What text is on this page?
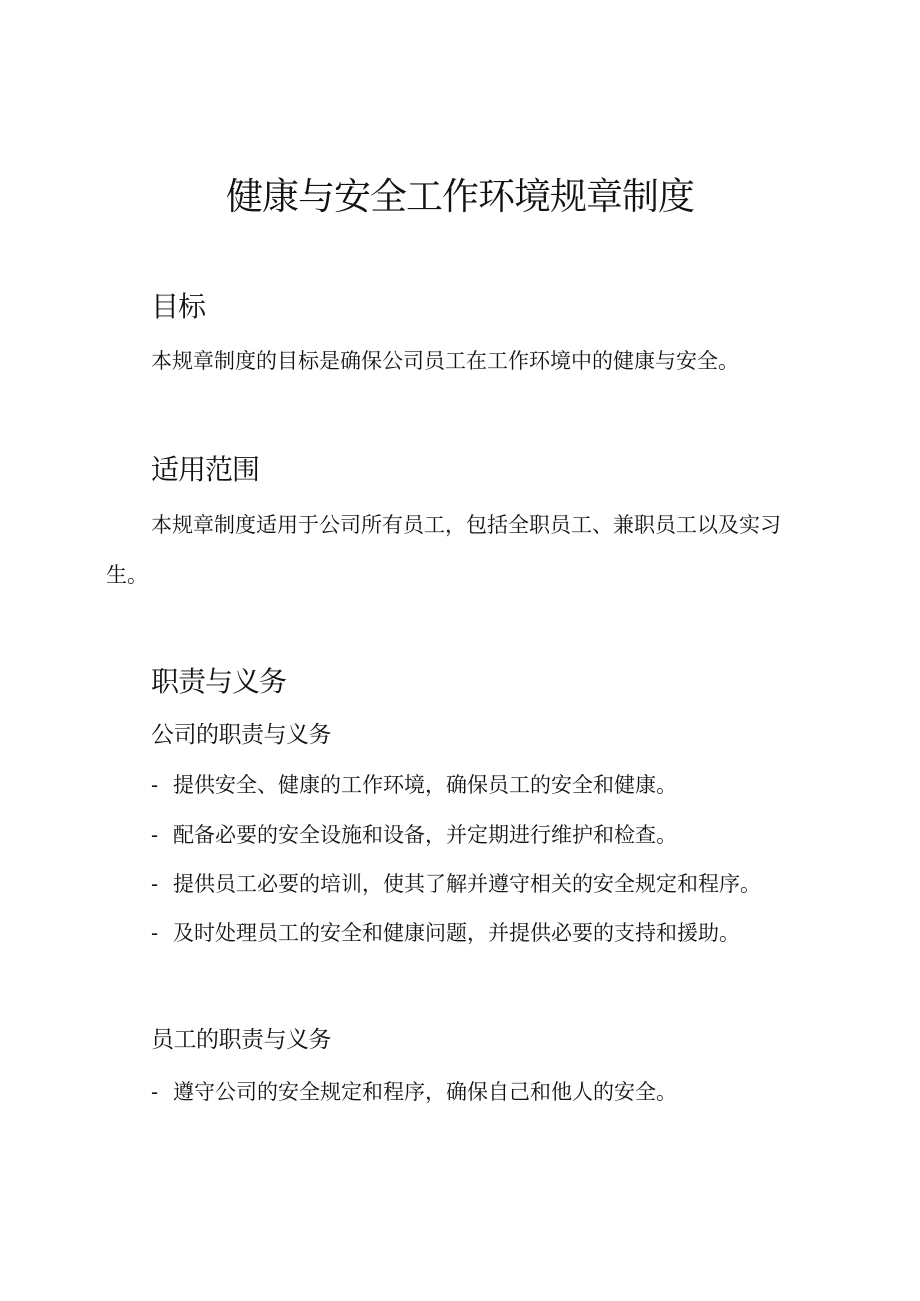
健康与安全工作环境规章制度
目标

本规章制度的目标是确保公司员工在工作环境中的健康与安全。

适用范围

本规章制度适用于公司所有员工，包括全职员工、兼职员工以及实习

生。

职责与义务
公司的职责与义务

- 提供安全、健康的工作环境，确保员工的安全和健康。

- 配备必要的安全设施和设备，并定期进行维护和检查。

- 提供员工必要的培训，使其了解并遵守相关的安全规定和程序。

- 及时处理员工的安全和健康问题，并提供必要的支持和援助。

员工的职责与义务

- 遵守公司的安全规定和程序，确保自己和他人的安全。
